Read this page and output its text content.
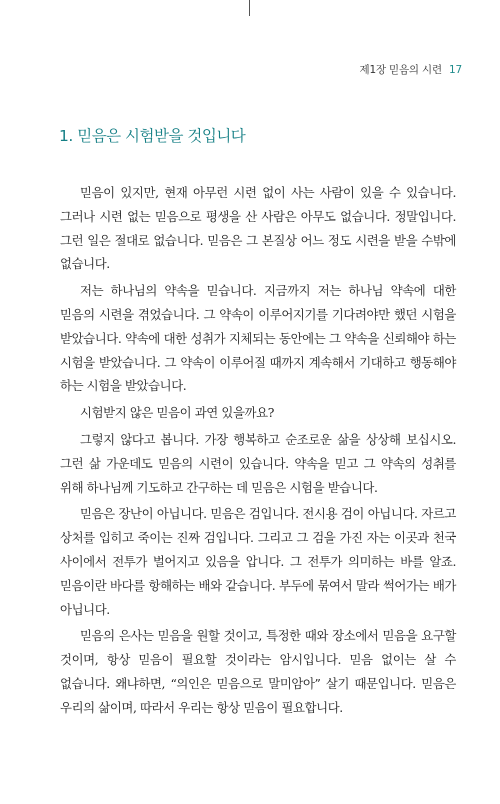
제1장 믿음의 시련 17
1. 믿음은 시험받을 것입니다

믿음이 있지만, 현재 아무런 시련 없이 사는 사람이 있을 수 있습니다. 그러나 시련 없는 믿음으로 평생을 산 사람은 아무도 없습니다. 정말입니다. 그런 일은 절대로 없습니다. 믿음은 그 본질상 어느 정도 시련을 받을 수밖에 없습니다.

저는 하나님의 약속을 믿습니다. 지금까지 저는 하나님 약속에 대한 믿음의 시련을 겪었습니다. 그 약속이 이루어지기를 기다려야만 했던 시험을 받았습니다. 약속에 대한 성취가 지체되는 동안에는 그 약속을 신뢰해야 하는 시험을 받았습니다. 그 약속이 이루어질 때까지 계속해서 기대하고 행동해야 하는 시험을 받았습니다.

시험받지 않은 믿음이 과연 있을까요?

그렇지 않다고 봅니다. 가장 행복하고 순조로운 삶을 상상해 보십시오. 그런 삶 가운데도 믿음의 시련이 있습니다. 약속을 믿고 그 약속의 성취를 위해 하나님께 기도하고 간구하는 데 믿음은 시험을 받습니다.

믿음은 장난이 아닙니다. 믿음은 검입니다. 전시용 검이 아닙니다. 자르고 상처를 입히고 죽이는 진짜 검입니다. 그리고 그 검을 가진 자는 이곳과 천국 사이에서 전투가 벌어지고 있음을 압니다. 그 전투가 의미하는 바를 알죠. 믿음이란 바다를 항해하는 배와 같습니다. 부두에 묶여서 말라 썩어가는 배가 아닙니다.

믿음의 은사는 믿음을 원할 것이고, 특정한 때와 장소에서 믿음을 요구할 것이며, 항상 믿음이 필요할 것이라는 암시입니다. 믿음 없이는 살 수 없습니다. 왜냐하면, “의인은 믿음으로 말미암아” 살기 때문입니다. 믿음은 우리의 삶이며, 따라서 우리는 항상 믿음이 필요합니다.
